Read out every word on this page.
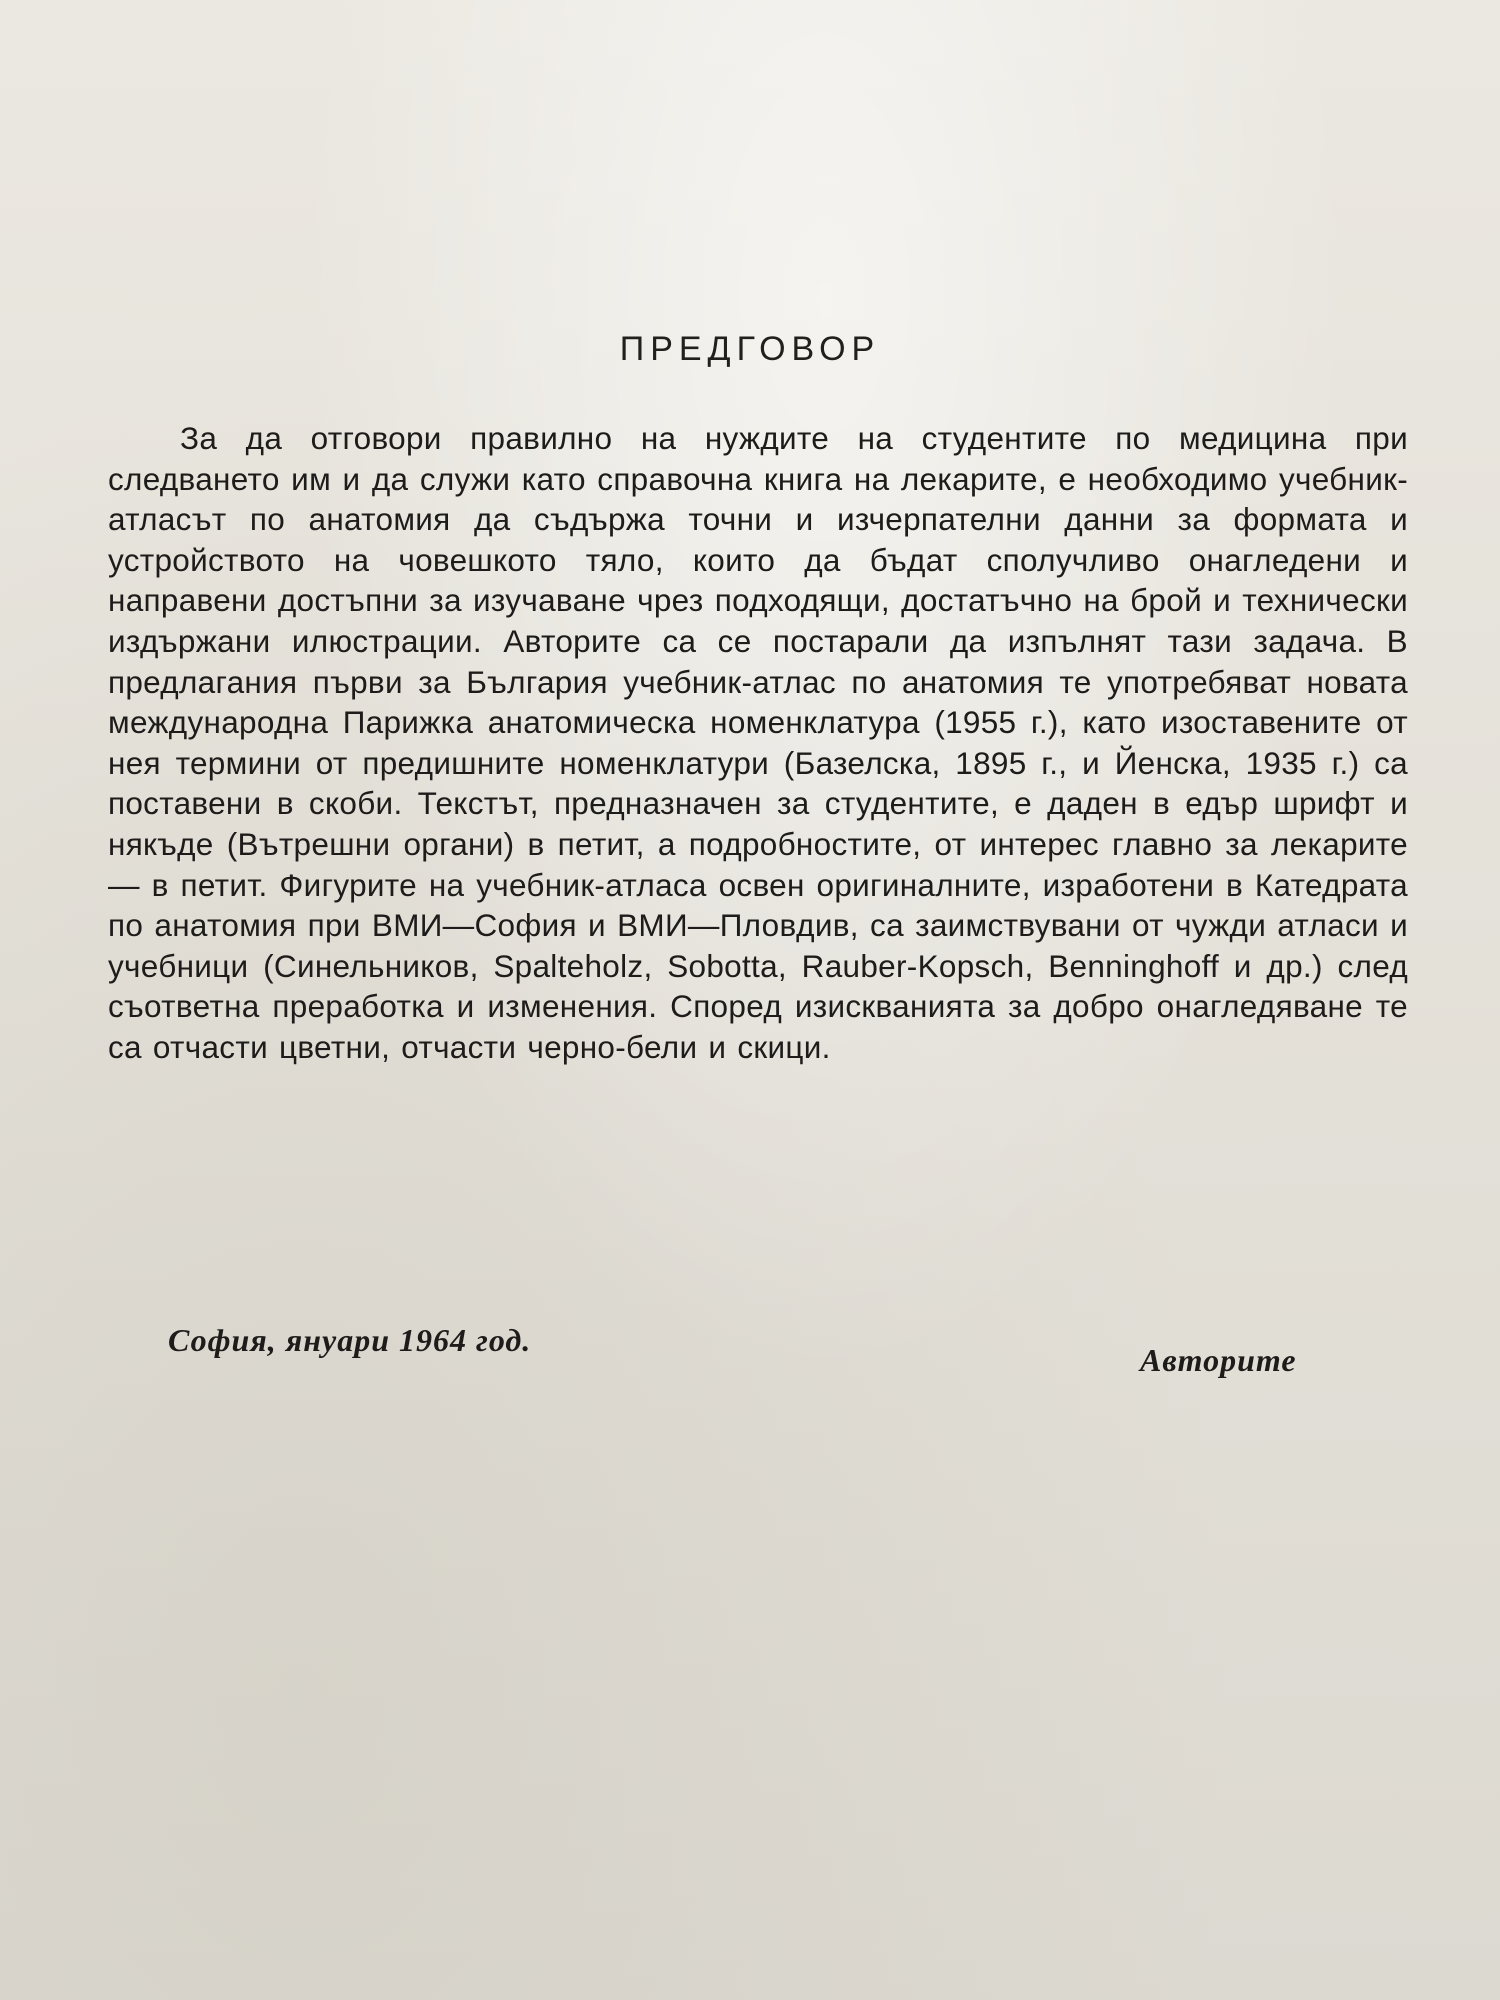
ПРЕДГОВОР

За да отговори правилно на нуждите на студентите по медицина при следването им и да служи като справочна книга на лекарите, е необходимо учебник-атласът по анатомия да съдържа точни и изчерпателни данни за формата и устройството на човешкото тяло, които да бъдат сполучливо онагледени и направени достъпни за изучаване чрез подходящи, достатъчно на брой и технически издържани илюстрации. Авторите са се постарали да изпълнят тази задача. В предлагания първи за България учебник-атлас по анатомия те употребяват новата международна Парижка анатомическа номенклатура (1955 г.), като изоставените от нея термини от предишните номенклатури (Базелска, 1895 г., и Йенска, 1935 г.) са поставени в скоби. Текстът, предназначен за студентите, е даден в едър шрифт и някъде (Вътрешни органи) в петит, а подробностите, от интерес главно за лекарите — в петит. Фигурите на учебник-атласа освен оригиналните, изработени в Катедрата по анатомия при ВМИ—София и ВМИ—Пловдив, са заимствувани от чужди атласи и учебници (Синельников, Spalteholz, Sobotta, Rauber-Kopsch, Benninghoff и др.) след съответна преработка и изменения. Според изискванията за добро онагледяване те са отчасти цветни, отчасти черно-бели и скици.

София, януари 1964 год.
Авторите
